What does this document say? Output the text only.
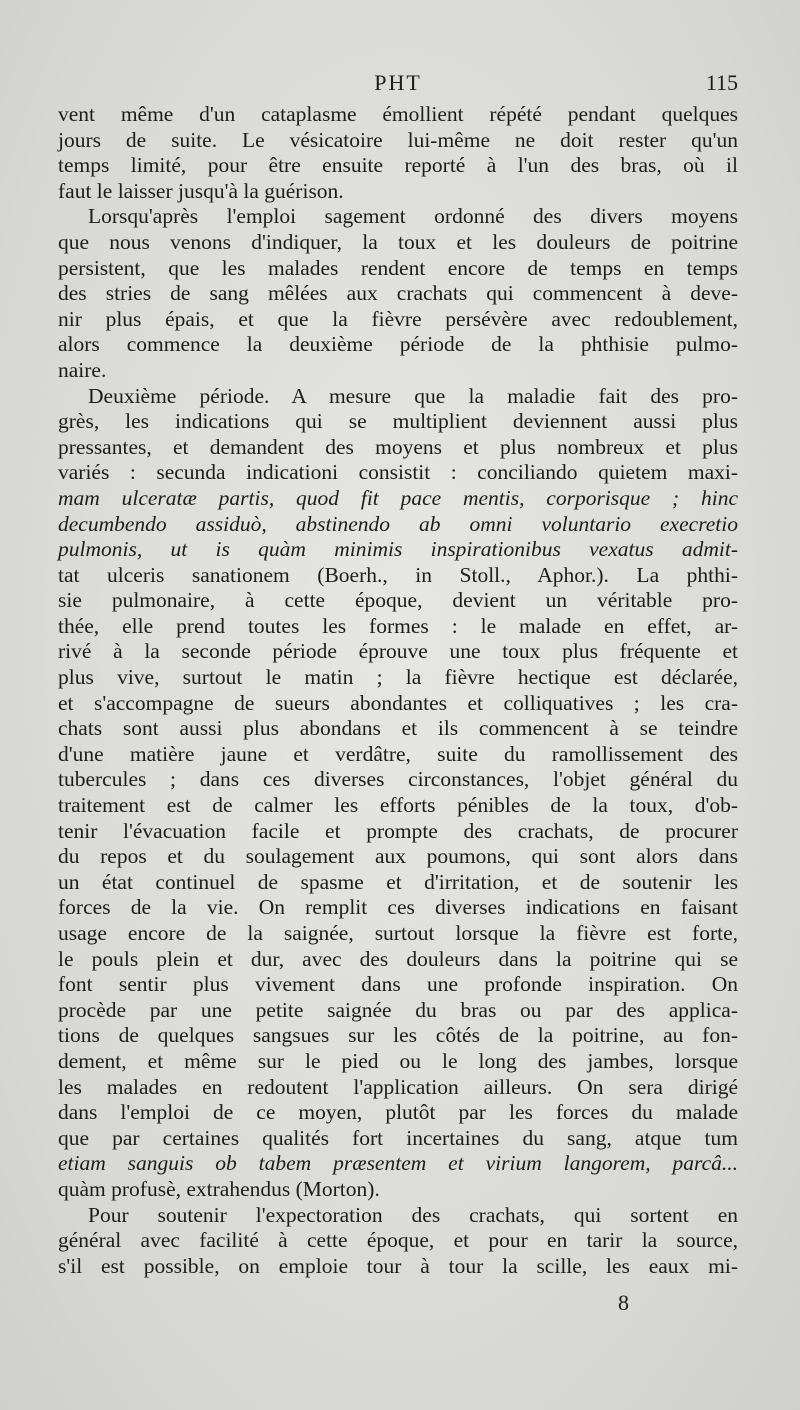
PHT	115

vent même d'un cataplasme émollient répété pendant quelques
jours de suite. Le vésicatoire lui-même ne doit rester qu'un
temps limité, pour être ensuite reporté à l'un des bras, où il
faut le laisser jusqu'à la guérison.

Lorsqu'après l'emploi sagement ordonné des divers moyens
que nous venons d'indiquer, la toux et les douleurs de poitrine
persistent, que les malades rendent encore de temps en temps
des stries de sang mêlées aux crachats qui commencent à deve-
nir plus épais, et que la fièvre persévère avec redoublement,
alors commence la deuxième période de la phthisie pulmo-
naire.

Deuxième période. A mesure que la maladie fait des pro-
grès, les indications qui se multiplient deviennent aussi plus
pressantes, et demandent des moyens et plus nombreux et plus
variés : secunda indicationi consistit : conciliando quietem maxi-
mam ulceratæ partis, quod fit pace mentis, corporisque ; hinc
decumbendo assiduò, abstinendo ab omni voluntario execretio
pulmonis, ut is quàm minimis inspirationibus vexatus admit-
tat ulceris sanationem (Boerh., in Stoll., Aphor.). La phthi-
sie pulmonaire, à cette époque, devient un véritable pro-
thée, elle prend toutes les formes : le malade en effet, ar-
rivé à la seconde période éprouve une toux plus fréquente et
plus vive, surtout le matin ; la fièvre hectique est déclarée,
et s'accompagne de sueurs abondantes et colliquatives ; les cra-
chats sont aussi plus abondans et ils commencent à se teindre
d'une matière jaune et verdâtre, suite du ramollissement des
tubercules ; dans ces diverses circonstances, l'objet général du
traitement est de calmer les efforts pénibles de la toux, d'ob-
tenir l'évacuation facile et prompte des crachats, de procurer
du repos et du soulagement aux poumons, qui sont alors dans
un état continuel de spasme et d'irritation, et de soutenir les
forces de la vie. On remplit ces diverses indications en faisant
usage encore de la saignée, surtout lorsque la fièvre est forte,
le pouls plein et dur, avec des douleurs dans la poitrine qui se
font sentir plus vivement dans une profonde inspiration. On
procède par une petite saignée du bras ou par des applica-
tions de quelques sangsues sur les côtés de la poitrine, au fon-
dement, et même sur le pied ou le long des jambes, lorsque
les malades en redoutent l'application ailleurs. On sera dirigé
dans l'emploi de ce moyen, plutôt par les forces du malade
que par certaines qualités fort incertaines du sang, atque tum
etiam sanguis ob tabem præsentem et virium langorem, parcâ...
quàm profusè, extrahendus (Morton).

Pour soutenir l'expectoration des crachats, qui sortent en
général avec facilité à cette époque, et pour en tarir la source,
s'il est possible, on emploie tour à tour la scille, les eaux mi-

8
